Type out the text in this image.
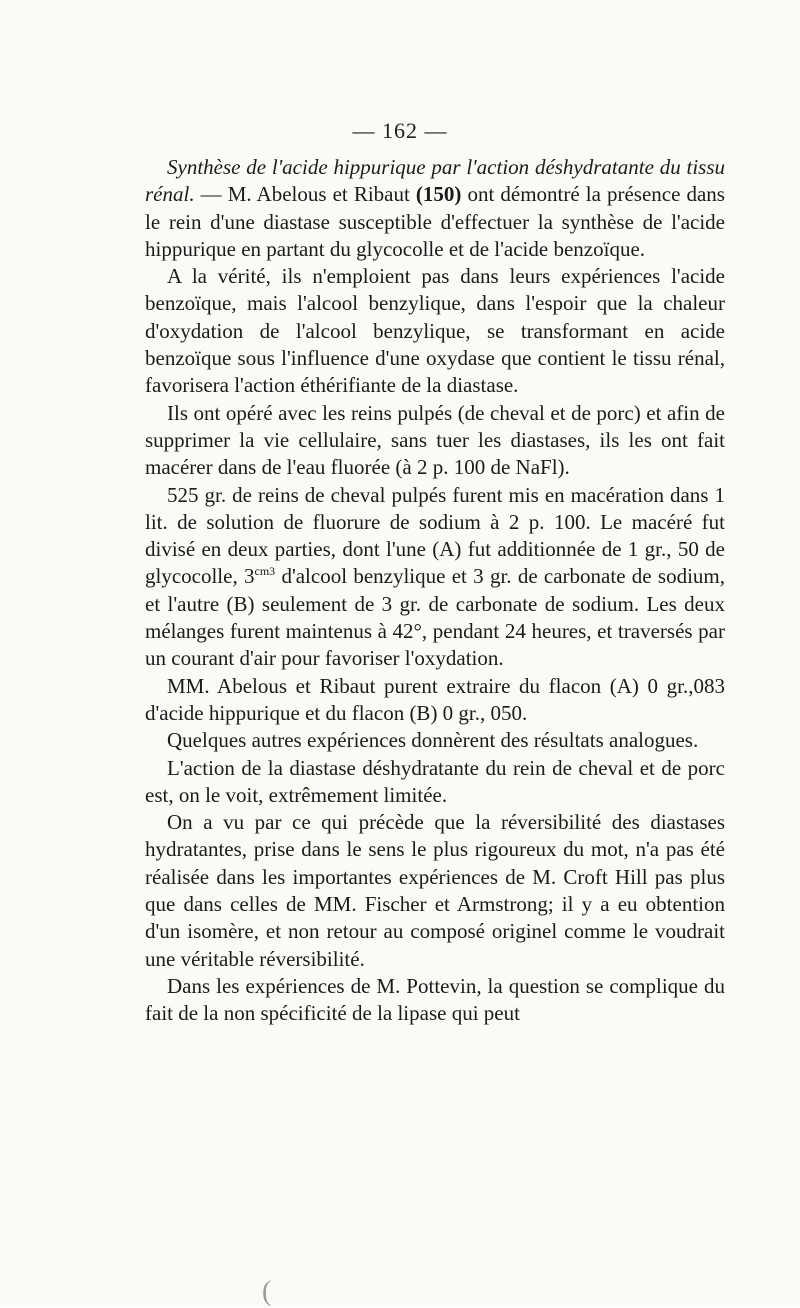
— 162 —

Synthèse de l'acide hippurique par l'action déshydratante du tissu rénal. — M. Abelous et Ribaut (150) ont démontré la présence dans le rein d'une diastase susceptible d'effectuer la synthèse de l'acide hippurique en partant du glycocolle et de l'acide benzoïque.

A la vérité, ils n'emploient pas dans leurs expériences l'acide benzoïque, mais l'alcool benzylique, dans l'espoir que la chaleur d'oxydation de l'alcool benzylique, se transformant en acide benzoïque sous l'influence d'une oxydase que contient le tissu rénal, favorisera l'action éthérifiante de la diastase.

Ils ont opéré avec les reins pulpés (de cheval et de porc) et afin de supprimer la vie cellulaire, sans tuer les diastases, ils les ont fait macérer dans de l'eau fluorée (à 2 p. 100 de NaFl).

525 gr. de reins de cheval pulpés furent mis en macération dans 1 lit. de solution de fluorure de sodium à 2 p. 100. Le macéré fut divisé en deux parties, dont l'une (A) fut additionnée de 1 gr., 50 de glycocolle, $3^{cm3}$ d'alcool benzylique et 3 gr. de carbonate de sodium, et l'autre (B) seulement de 3 gr. de carbonate de sodium. Les deux mélanges furent maintenus à 42°, pendant 24 heures, et traversés par un courant d'air pour favoriser l'oxydation.

MM. Abelous et Ribaut purent extraire du flacon (A) 0 gr.,083 d'acide hippurique et du flacon (B) 0 gr., 050.

Quelques autres expériences donnèrent des résultats analogues.

L'action de la diastase déshydratante du rein de cheval et de porc est, on le voit, extrêmement limitée.

On a vu par ce qui précède que la réversibilité des diastases hydratantes, prise dans le sens le plus rigoureux du mot, n'a pas été réalisée dans les importantes expériences de M. Croft Hill pas plus que dans celles de MM. Fischer et Armstrong; il y a eu obtention d'un isomère, et non retour au composé originel comme le voudrait une véritable réversibilité.

Dans les expériences de M. Pottevin, la question se complique du fait de la non spécificité de la lipase qui peut

(
